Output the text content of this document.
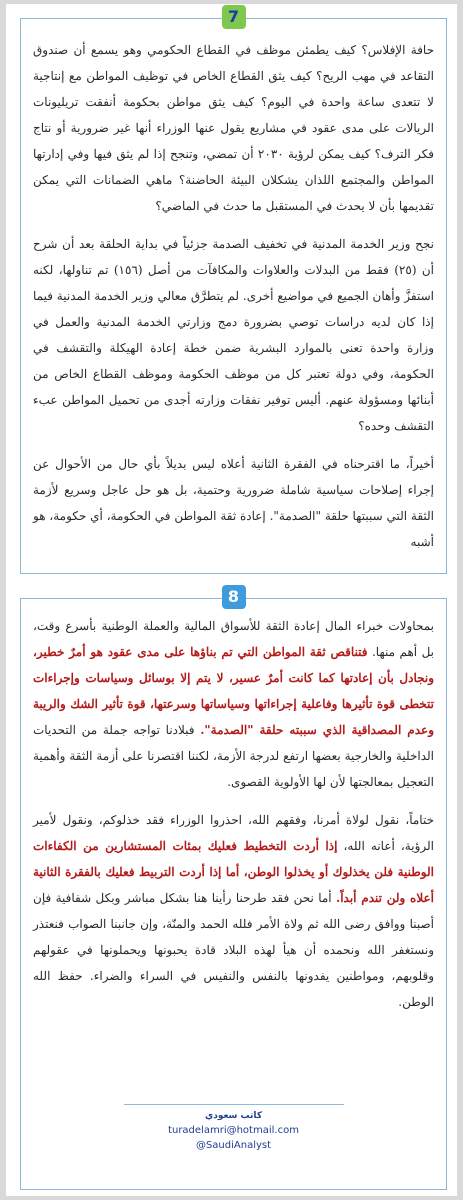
7

حافة الإفلاس؟ كيف يطمئن موظف في القطاع الحكومي وهو يسمع أن صندوق التقاعد في مهب الريح؟ كيف يثق القطاع الخاص في توظيف المواطن مع إنتاجية لا تتعدى ساعة واحدة في اليوم؟ كيف يثق مواطن بحكومة أنفقت تريليونات الريالات على مدى عقود في مشاريع يقول عنها الوزراء أنها غير ضرورية أو نتاج فكر الترف؟ كيف يمكن لرؤية ٢٠٣٠ أن تمضي، وتنجح إذا لم يثق فيها وفي إدارتها المواطن والمجتمع اللذان يشكلان البيئة الحاضنة؟ ماهي الضمانات التي يمكن تقديمها بأن لا يحدث في المستقبل ما حدث في الماضي؟

نجح وزير الخدمة المدنية في تخفيف الصدمة جزئياً في بداية الحلقة بعد أن شرح أن (٢٥) فقط من البدلات والعلاوات والمكافآت من أصل (١٥٦) تم تناولها، لكنه استفزَّ وأهان الجميع في مواضيع أخرى. لم يتطرَّق معالي وزير الخدمة المدنية فيما إذا كان لديه دراسات توصي بضرورة دمج وزارتي الخدمة المدنية والعمل في وزارة واحدة تعنى بالموارد البشرية ضمن خطة إعادة الهيكلة والتقشف في الحكومة، وفي دولة تعتبر كل من موظف الحكومة وموظف القطاع الخاص من أبنائها ومسؤولة عنهم. أليس توفير نفقات وزارته أجدى من تحميل المواطن عبء التقشف وحده؟

أخيراً، ما اقترحناه في الفقرة الثانية أعلاه ليس بديلاً بأي حال من الأحوال عن إجراء إصلاحات سياسية شاملة ضرورية وحتمية، بل هو حل عاجل وسريع لأزمة الثقة التي سببتها حلقة "الصدمة". إعادة ثقة المواطن في الحكومة، أي حكومة، هو أشبه

8

بمحاولات خبراء المال إعادة الثقة للأسواق المالية والعملة الوطنية بأسرع وقت، بل أهم منها. فتناقص ثقة المواطن التي تم بناؤها على مدى عقود هو أمرٌ خطير، ونجادل بأن إعادتها كما كانت أمرٌ عسير، لا يتم إلا بوسائل وسياسات وإجراءات تتخطى قوة تأثيرها وفاعلية إجراءاتها وسياساتها وسرعتها، قوة تأثير الشك والريبة وعدم المصداقية الذي سببته حلقة "الصدمة". فبلادنا تواجه جملة من التحديات الداخلية والخارجية بعضها ارتفع لدرجة الأزمة، لكننا اقتصرنا على أزمة الثقة وأهمية التعجيل بمعالجتها لأن لها الأولوية القصوى.

ختاماً، نقول لولاة أمرنا، وفقهم الله، احذروا الوزراء فقد خذلوكم، ونقول لأمير الرؤية، أعانه الله، إذا أردت التخطيط فعليك بمئات المستشارين من الكفاءات الوطنية فلن يخذلوك أو يخذلوا الوطن، أما إذا أردت التربيط فعليك بالفقرة الثانية أعلاه ولن تندم أبداً. أما نحن فقد طرحنا رأينا هنا بشكل مباشر وبكل شفافية فإن أصبنا ووافق رضى الله ثم ولاة الأمر فلله الحمد والمنّة، وإن جانبنا الصواب فنعتذر ونستغفر الله ونحمده أن هيأ لهذه البلاد قادة يحبونها ويحملونها في عقولهم وقلوبهم، ومواطنين يفدونها بالنفس والنفيس في السراء والضراء. حفظ الله الوطن.

كاتب سعودي
turadelamri@hotmail.com
@SaudiAnalyst
